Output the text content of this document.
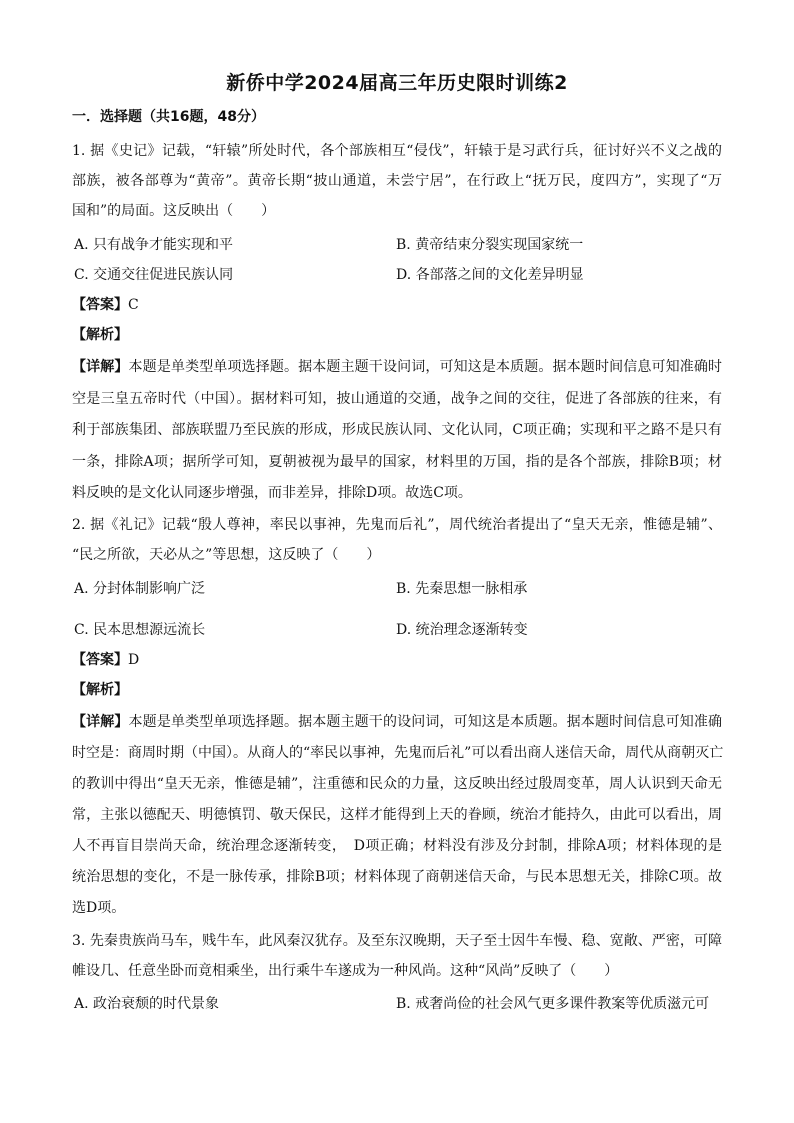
新侨中学2024届高三年历史限时训练2
一．选择题（共16题，48分）
1. 据《史记》记载，“轩辕”所处时代，各个部族相互“侵伐”，轩辕于是习武行兵，征讨好兴不义之战的
部族，被各部尊为“黄帝”。黄帝长期“披山通道，未尝宁居”，在行政上“抚万民，度四方”，实现了“万
国和”的局面。这反映出（　　）
A. 只有战争才能实现和平	B. 黄帝结束分裂实现国家统一
C. 交通交往促进民族认同	D. 各部落之间的文化差异明显
【答案】C
【解析】
【详解】本题是单类型单项选择题。据本题主题干设问词，可知这是本质题。据本题时间信息可知准确时
空是三皇五帝时代（中国）。据材料可知，披山通道的交通，战争之间的交往，促进了各部族的往来，有
利于部族集团、部族联盟乃至民族的形成，形成民族认同、文化认同，C项正确；实现和平之路不是只有
一条，排除A项；据所学可知，夏朝被视为最早的国家，材料里的万国，指的是各个部族，排除B项；材
料反映的是文化认同逐步增强，而非差异，排除D项。故选C项。
2. 据《礼记》记载“殷人尊神，率民以事神，先鬼而后礼”，周代统治者提出了“皇天无亲，惟德是辅”、
“民之所欲，天必从之”等思想，这反映了（　　）
A. 分封体制影响广泛	B. 先秦思想一脉相承
C. 民本思想源远流长	D. 统治理念逐渐转变
【答案】D
【解析】
【详解】本题是单类型单项选择题。据本题主题干的设问词，可知这是本质题。据本题时间信息可知准确
时空是：商周时期（中国）。从商人的“率民以事神，先鬼而后礼”可以看出商人迷信天命，周代从商朝灭亡
的教训中得出“皇天无亲，惟德是辅”，注重德和民众的力量，这反映出经过殷周变革，周人认识到天命无
常，主张以德配天、明德慎罚、敬天保民，这样才能得到上天的眷顾，统治才能持久，由此可以看出，周
人不再盲目崇尚天命，统治理念逐渐转变，　D项正确；材料没有涉及分封制，排除A项；材料体现的是
统治思想的变化，不是一脉传承，排除B项；材料体现了商朝迷信天命，与民本思想无关，排除C项。故
选D项。
3. 先秦贵族尚马车，贱牛车，此风秦汉犹存。及至东汉晚期，天子至士因牛车慢、稳、宽敞、严密，可障
帷设几、任意坐卧而竟相乘坐，出行乘牛车遂成为一种风尚。这种“风尚”反映了（　　）
A. 政治衰颓的时代景象	B. 戒奢尚俭的社会风气更多课件教案等优质滋元可
